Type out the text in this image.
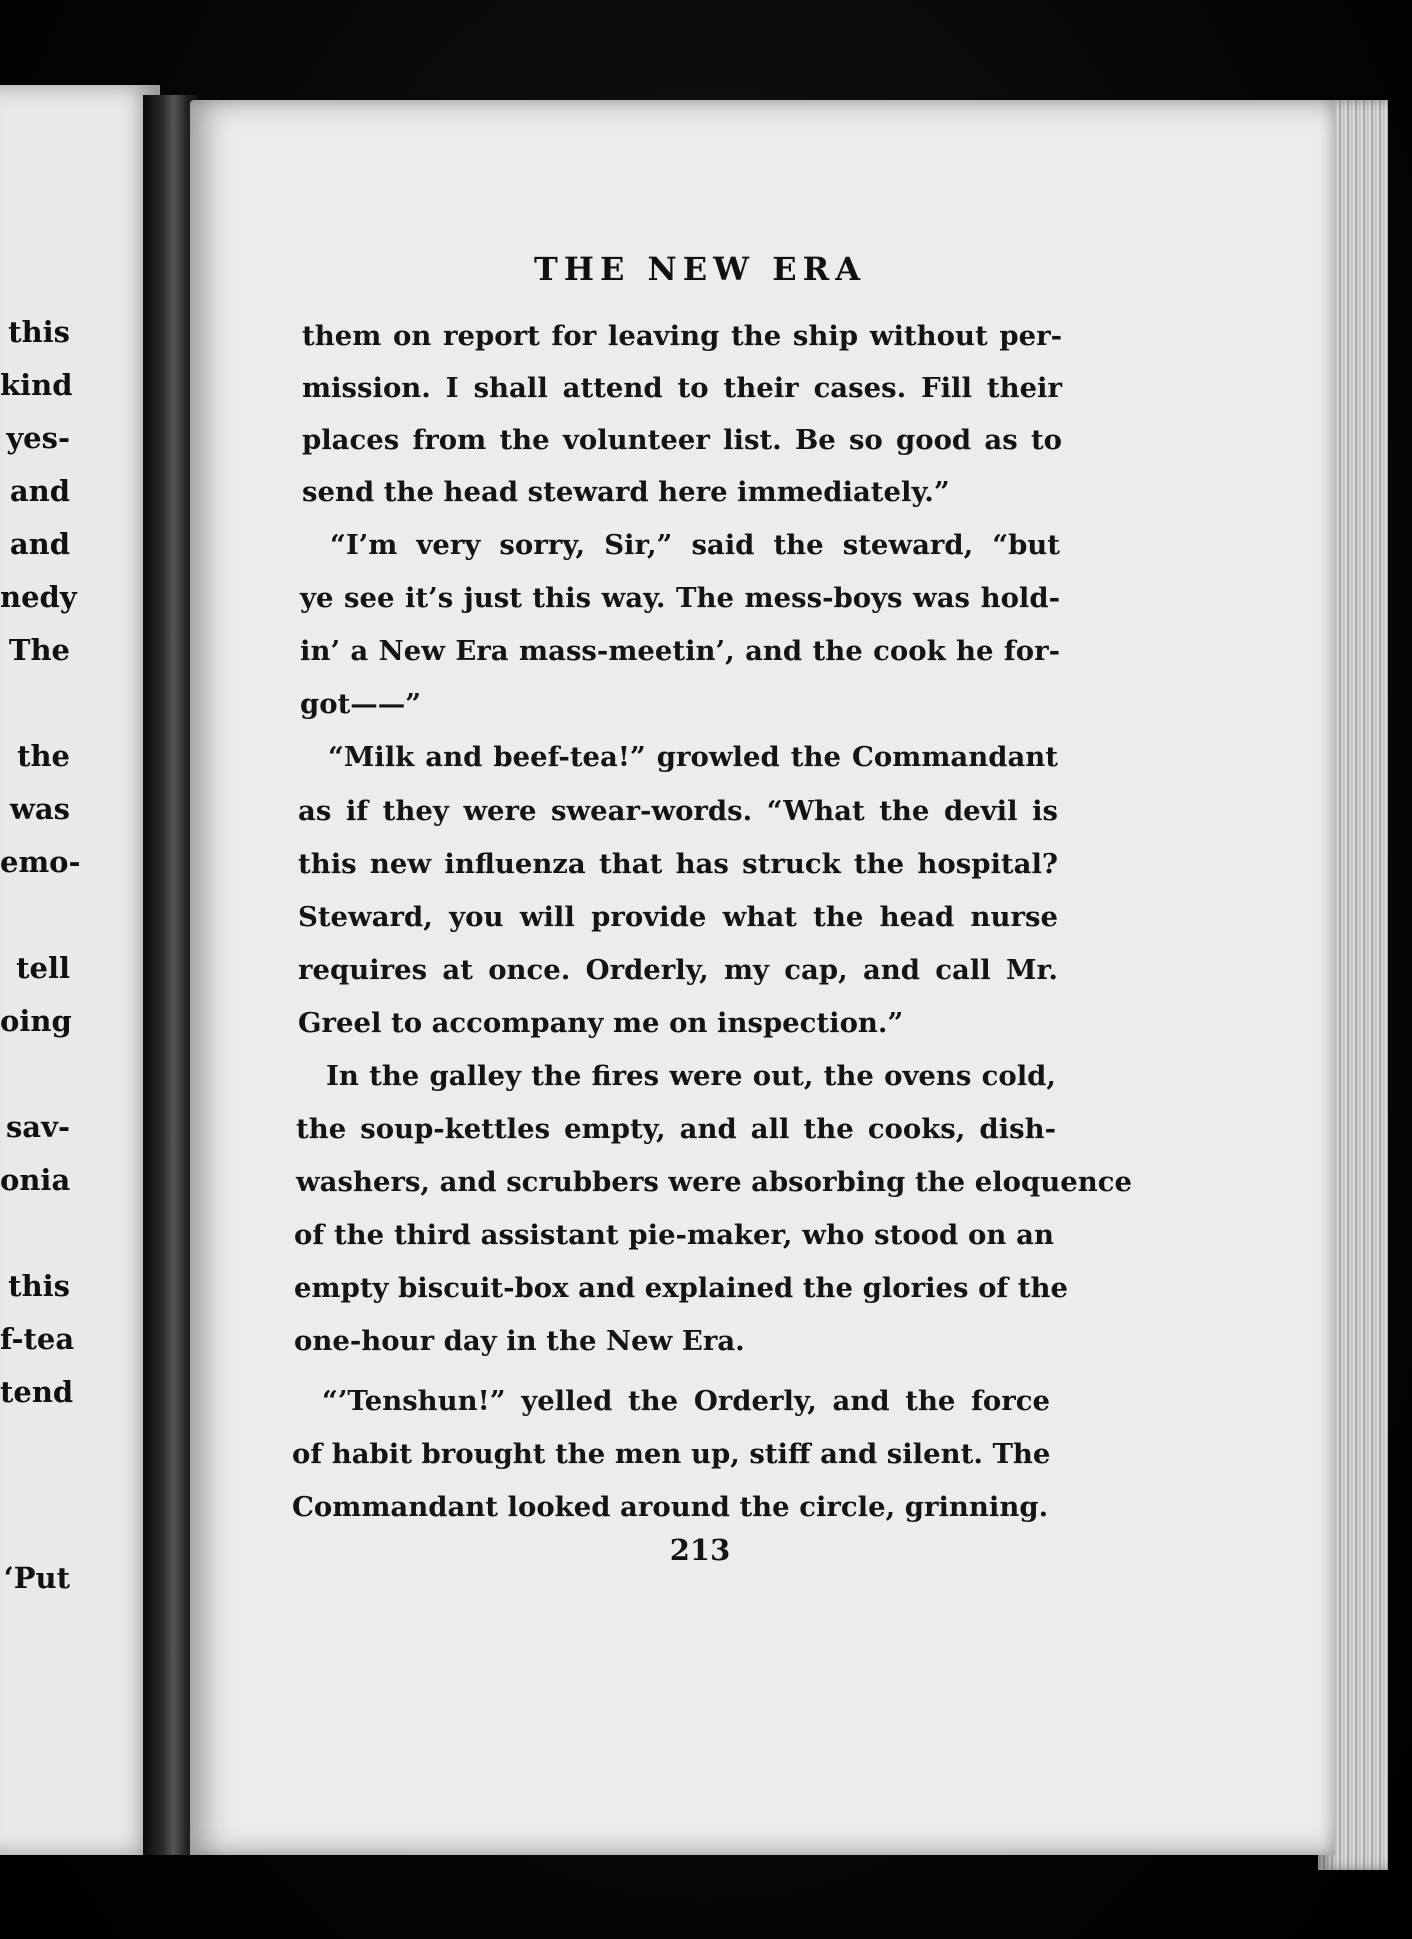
this
kind
yes-
and
and
nedy
The
the
was
emo-
tell
oing
sav-
onia
this
f-tea
tend
‘Put
THE NEW ERA
them on report for leaving the ship without per-
mission. I shall attend to their cases. Fill their
places from the volunteer list. Be so good as to
send the head steward here immediately.”
“I’m very sorry, Sir,” said the steward, “but
ye see it’s just this way. The mess-boys was hold-
in’ a New Era mass-meetin’, and the cook he for-
got——”
“Milk and beef-tea!” growled the Commandant
as if they were swear-words. “What the devil is
this new influenza that has struck the hospital?
Steward, you will provide what the head nurse
requires at once. Orderly, my cap, and call Mr.
Greel to accompany me on inspection.”
In the galley the fires were out, the ovens cold,
the soup-kettles empty, and all the cooks, dish-
washers, and scrubbers were absorbing the eloquence
of the third assistant pie-maker, who stood on an
empty biscuit-box and explained the glories of the
one-hour day in the New Era.
“’Tenshun!” yelled the Orderly, and the force
of habit brought the men up, stiff and silent. The
Commandant looked around the circle, grinning.
213
